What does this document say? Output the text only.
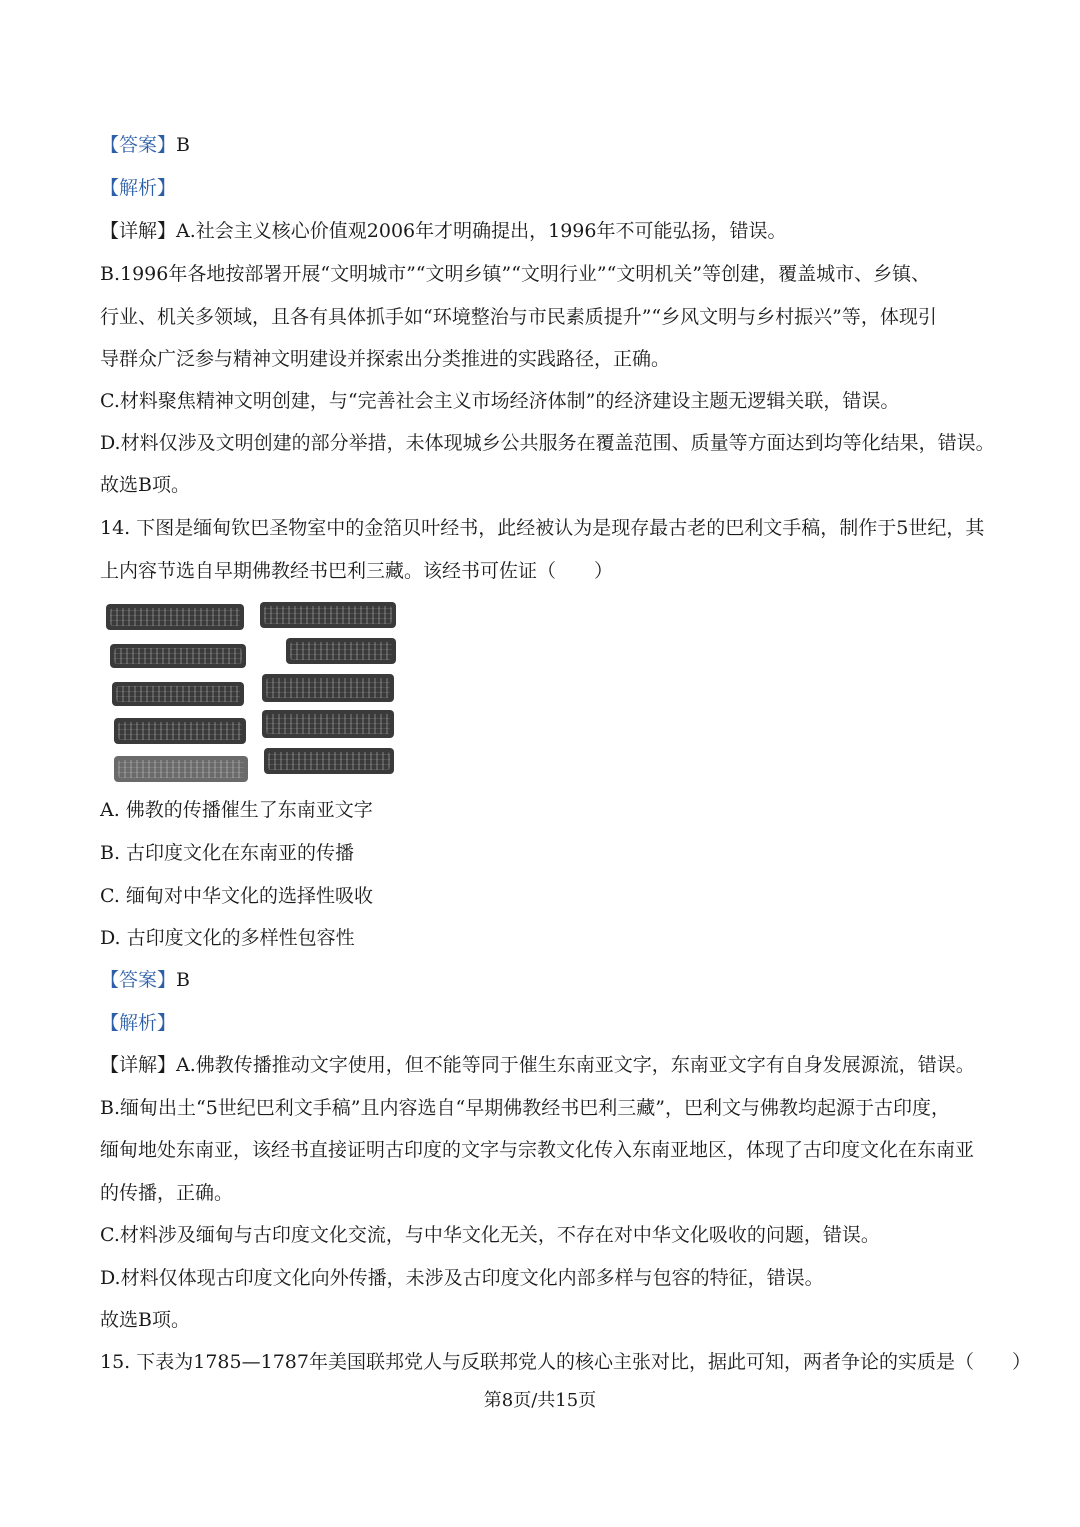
【答案】B
【解析】
【详解】A.社会主义核心价值观2006年才明确提出，1996年不可能弘扬，错误。
B.1996年各地按部署开展“文明城市”“文明乡镇”“文明行业”“文明机关”等创建，覆盖城市、乡镇、
行业、机关多领域，且各有具体抓手如“环境整治与市民素质提升”“乡风文明与乡村振兴”等，体现引
导群众广泛参与精神文明建设并探索出分类推进的实践路径，正确。
C.材料聚焦精神文明创建，与“完善社会主义市场经济体制”的经济建设主题无逻辑关联，错误。
D.材料仅涉及文明创建的部分举措，未体现城乡公共服务在覆盖范围、质量等方面达到均等化结果，错误。
故选B项。
14. 下图是缅甸钦巴圣物室中的金箔贝叶经书，此经被认为是现存最古老的巴利文手稿，制作于5世纪，其
上内容节选自早期佛教经书巴利三藏。该经书可佐证（　　）
A. 佛教的传播催生了东南亚文字
B. 古印度文化在东南亚的传播
C. 缅甸对中华文化的选择性吸收
D. 古印度文化的多样性包容性
【答案】B
【解析】
【详解】A.佛教传播推动文字使用，但不能等同于催生东南亚文字，东南亚文字有自身发展源流，错误。
B.缅甸出土“5世纪巴利文手稿”且内容选自“早期佛教经书巴利三藏”，巴利文与佛教均起源于古印度，
缅甸地处东南亚，该经书直接证明古印度的文字与宗教文化传入东南亚地区，体现了古印度文化在东南亚
的传播，正确。
C.材料涉及缅甸与古印度文化交流，与中华文化无关，不存在对中华文化吸收的问题，错误。
D.材料仅体现古印度文化向外传播，未涉及古印度文化内部多样与包容的特征，错误。
故选B项。
15. 下表为1785—1787年美国联邦党人与反联邦党人的核心主张对比，据此可知，两者争论的实质是（　　）
第8页/共15页
